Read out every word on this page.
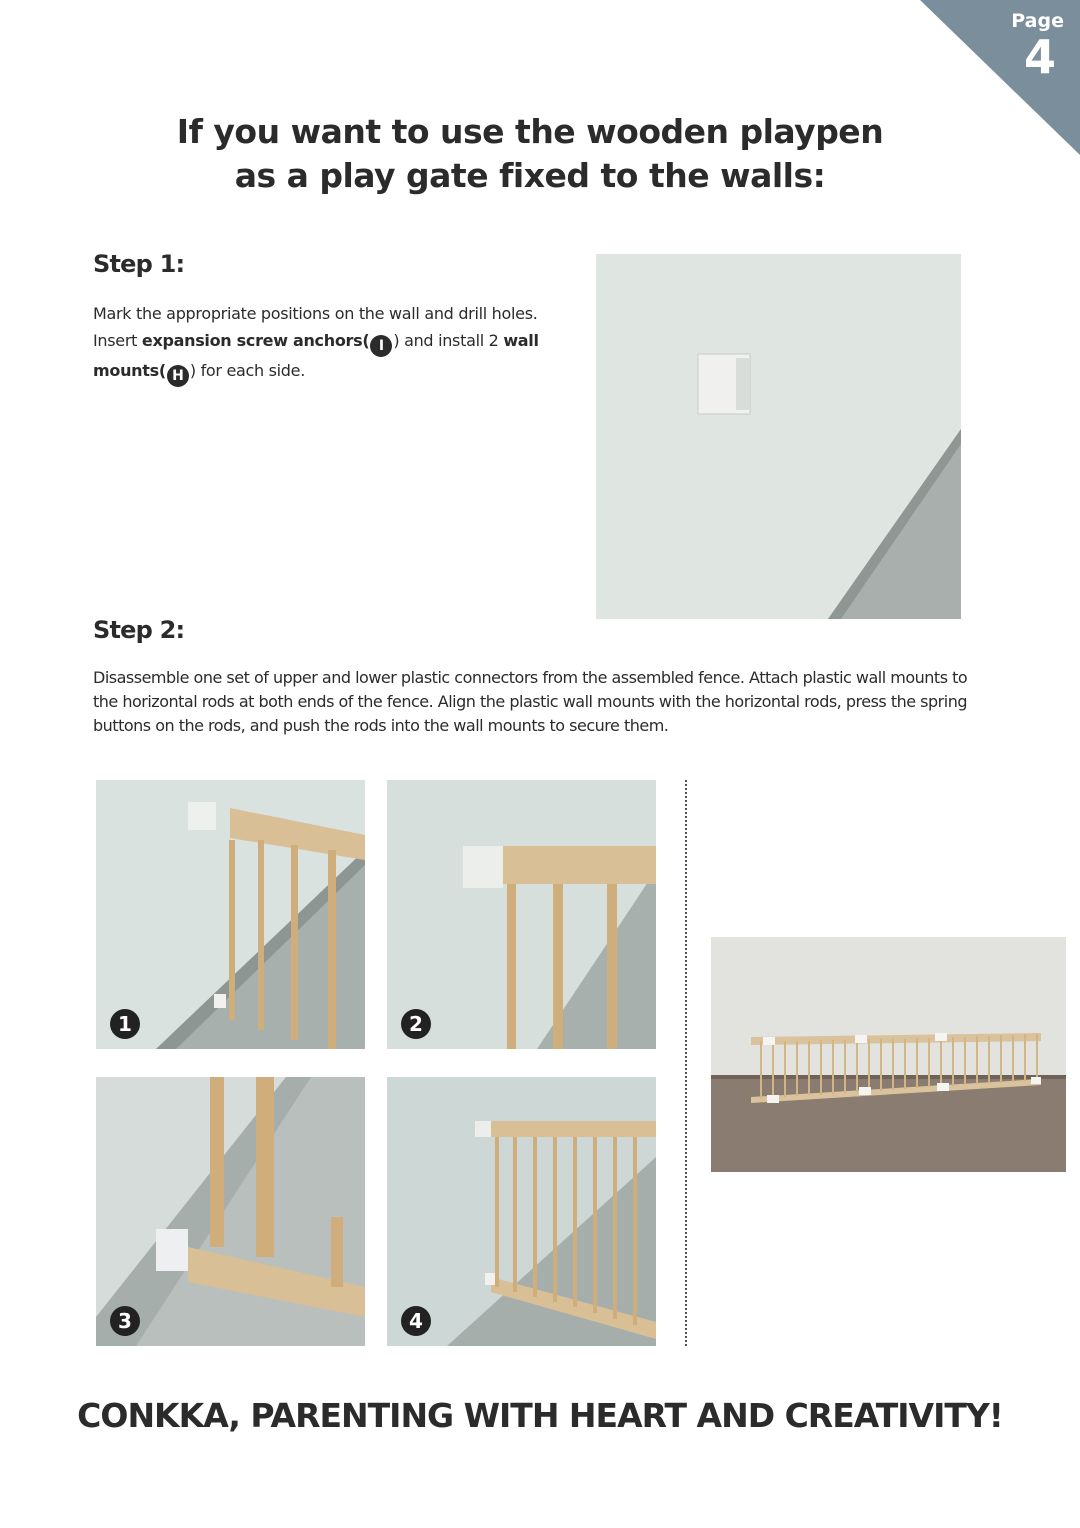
Page
4
If you want to use the wooden playpen
as a play gate fixed to the walls:
Step 1:
Mark the appropriate positions on the wall and drill holes. Insert expansion screw anchors( I ) and install 2 wall mounts( H ) for each side.
Step 2:
Disassemble one set of upper and lower plastic connectors from the assembled fence. Attach plastic wall mounts to the horizontal rods at both ends of the fence. Align the plastic wall mounts with the horizontal rods, press the spring buttons on the rods, and push the rods into the wall mounts to secure them.
1	2
3	4
CONKKA, PARENTING WITH HEART AND CREATIVITY!
